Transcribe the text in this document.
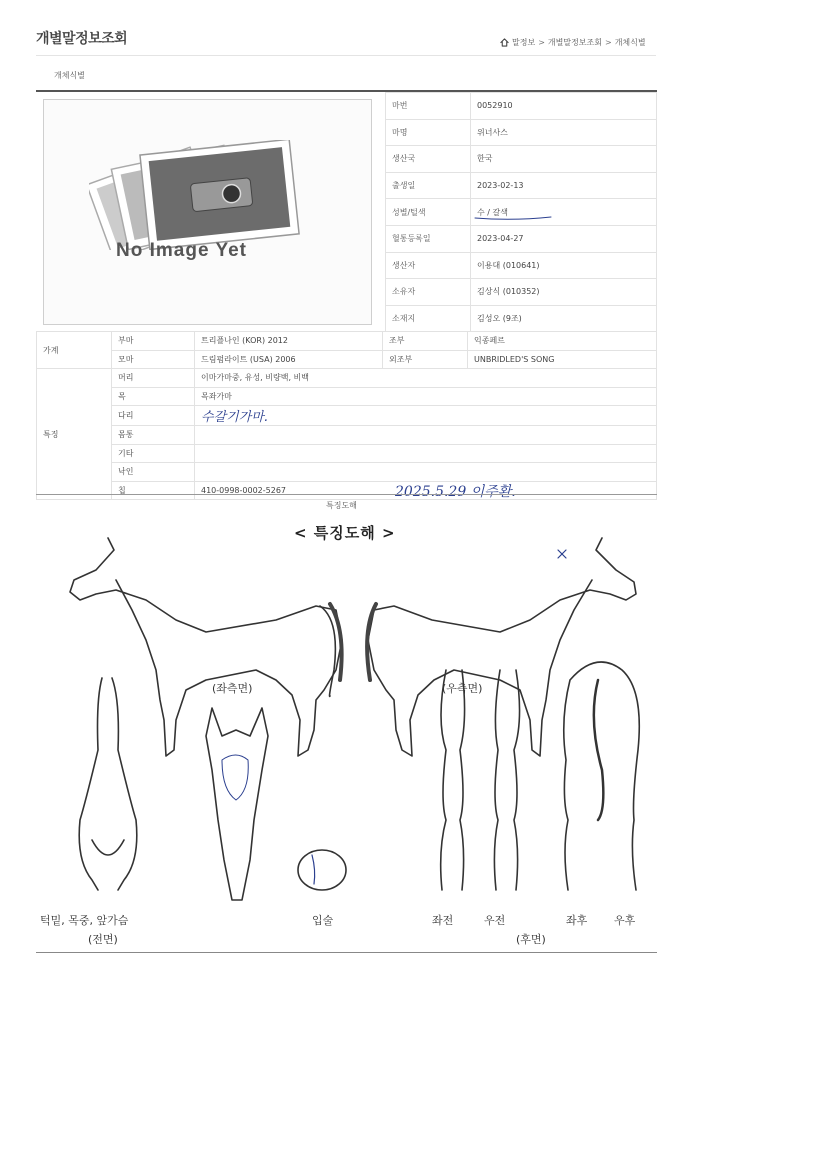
개별말정보조회	말정보 > 개별말정보조회 > 개체식별
개체식별
No Image Yet
마번	0052910
마명	위너사스
생산국	한국
출생일	2023-02-13
성별/털색	수 / 갈색

혈통등록일	2023-04-27
생산자	이용대 (010641)
소유자	김상식 (010352)
소재지	김성오 (9조)
가계	부마	트리플나인 (KOR) 2012	조부	익종페르
	모마	드림펌라이트 (USA) 2006	외조부	UNBRIDLED'S SONG
특징	머리	이마가마중, 유성, 비량백, 비백		
	목	목좌가마		
	다리	수갈기가마.		
	몸통			
	기타			
	낙인			
	칩	410-0998-0002-5267 2025.5.29 이주환.		
특징도해
< 특징도해 >
(좌측면)	(우측면)
턱밑, 목중, 앞가슴
(전면)
입술	좌전	우전	좌후 우후
(후면)
